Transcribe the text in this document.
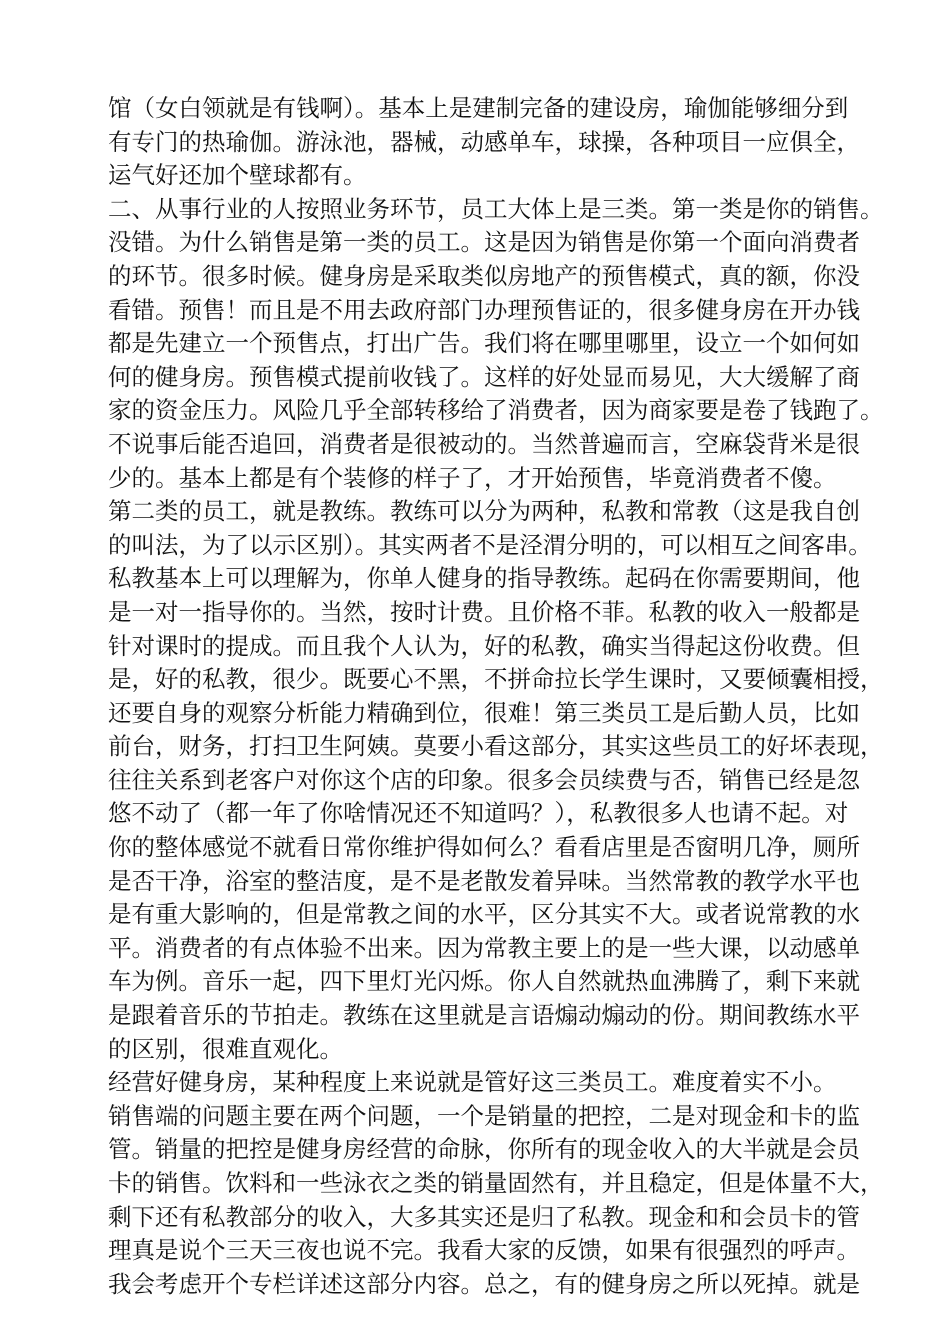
馆（女白领就是有钱啊）。基本上是建制完备的建设房，瑜伽能够细分到
有专门的热瑜伽。游泳池，器械，动感单车，球操，各种项目一应俱全，
运气好还加个壁球都有。
二、从事行业的人按照业务环节，员工大体上是三类。第一类是你的销售。
没错。为什么销售是第一类的员工。这是因为销售是你第一个面向消费者
的环节。很多时候。健身房是采取类似房地产的预售模式，真的额，你没
看错。预售！而且是不用去政府部门办理预售证的，很多健身房在开办钱
都是先建立一个预售点，打出广告。我们将在哪里哪里，设立一个如何如
何的健身房。预售模式提前收钱了。这样的好处显而易见，大大缓解了商
家的资金压力。风险几乎全部转移给了消费者，因为商家要是卷了钱跑了。
不说事后能否追回，消费者是很被动的。当然普遍而言，空麻袋背米是很
少的。基本上都是有个装修的样子了，才开始预售，毕竟消费者不傻。
第二类的员工，就是教练。教练可以分为两种，私教和常教（这是我自创
的叫法，为了以示区别）。其实两者不是泾渭分明的，可以相互之间客串。
私教基本上可以理解为，你单人健身的指导教练。起码在你需要期间，他
是一对一指导你的。当然，按时计费。且价格不菲。私教的收入一般都是
针对课时的提成。而且我个人认为，好的私教，确实当得起这份收费。但
是，好的私教，很少。既要心不黑，不拼命拉长学生课时，又要倾囊相授，
还要自身的观察分析能力精确到位，很难！第三类员工是后勤人员，比如
前台，财务，打扫卫生阿姨。莫要小看这部分，其实这些员工的好坏表现，
往往关系到老客户对你这个店的印象。很多会员续费与否，销售已经是忽
悠不动了（都一年了你啥情况还不知道吗？），私教很多人也请不起。对
你的整体感觉不就看日常你维护得如何么？看看店里是否窗明几净，厕所
是否干净，浴室的整洁度，是不是老散发着异味。当然常教的教学水平也
是有重大影响的，但是常教之间的水平，区分其实不大。或者说常教的水
平。消费者的有点体验不出来。因为常教主要上的是一些大课，以动感单
车为例。音乐一起，四下里灯光闪烁。你人自然就热血沸腾了，剩下来就
是跟着音乐的节拍走。教练在这里就是言语煽动煽动的份。期间教练水平
的区别，很难直观化。
经营好健身房，某种程度上来说就是管好这三类员工。难度着实不小。
销售端的问题主要在两个问题，一个是销量的把控，二是对现金和卡的监
管。销量的把控是健身房经营的命脉，你所有的现金收入的大半就是会员
卡的销售。饮料和一些泳衣之类的销量固然有，并且稳定，但是体量不大，
剩下还有私教部分的收入，大多其实还是归了私教。现金和和会员卡的管
理真是说个三天三夜也说不完。我看大家的反馈，如果有很强烈的呼声。
我会考虑开个专栏详述这部分内容。总之，有的健身房之所以死掉。就是
